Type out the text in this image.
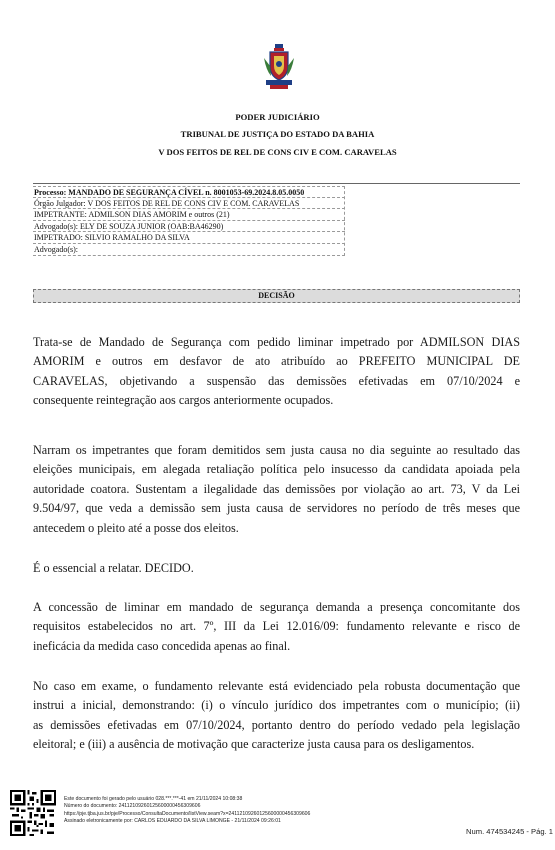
PODER JUDICIÁRIO
TRIBUNAL DE JUSTIÇA DO ESTADO DA BAHIA
V DOS FEITOS DE REL DE CONS CIV E COM. CARAVELAS
Processo: MANDADO DE SEGURANÇA CÍVEL n. 8001053-69.2024.8.05.0050
Órgão Julgador: V DOS FEITOS DE REL DE CONS CIV E COM. CARAVELAS
IMPETRANTE: ADMILSON DIAS AMORIM e outros (21)
Advogado(s): ELY DE SOUZA JUNIOR (OAB:BA46290)
IMPETRADO: SILVIO RAMALHO DA SILVA
Advogado(s):
DECISÃO
Trata-se de Mandado de Segurança com pedido liminar impetrado por ADMILSON DIAS
AMORIM e outros em desfavor de ato atribuído ao PREFEITO MUNICIPAL DE
CARAVELAS, objetivando a suspensão das demissões efetivadas em 07/10/2024 e
consequente reintegração aos cargos anteriormente ocupados.
Narram os impetrantes que foram demitidos sem justa causa no dia seguinte ao resultado das
eleições municipais, em alegada retaliação política pelo insucesso da candidata apoiada pela
autoridade coatora. Sustentam a ilegalidade das demissões por violação ao art. 73, V da Lei
9.504/97, que veda a demissão sem justa causa de servidores no período de três meses que
antecedem o pleito até a posse dos eleitos.
É o essencial a relatar. DECIDO.
A concessão de liminar em mandado de segurança demanda a presença concomitante dos
requisitos estabelecidos no art. 7º, III da Lei 12.016/09: fundamento relevante e risco de
ineficácia da medida caso concedida apenas ao final.
No caso em exame, o fundamento relevante está evidenciado pela robusta documentação que
instrui a inicial, demonstrando: (i) o vínculo jurídico dos impetrantes com o município; (ii)
as demissões efetivadas em 07/10/2024, portanto dentro do período vedado pela legislação
eleitoral; e (iii) a ausência de motivação que caracterize justa causa para os desligamentos.
Este documento foi gerado pelo usuário 028.***.***-41 em 21/11/2024 10:08:38
Número do documento: 24112109260125600000456309606
https://pje.tjba.jus.br/pje/Processo/ConsultaDocumento/listView.seam?x=24112109260125600000456309606
Assinado eletronicamente por: CARLOS EDUARDO DA SILVA LIMONGE - 21/11/2024 09:26:01
Num. 474534245 - Pág. 1
